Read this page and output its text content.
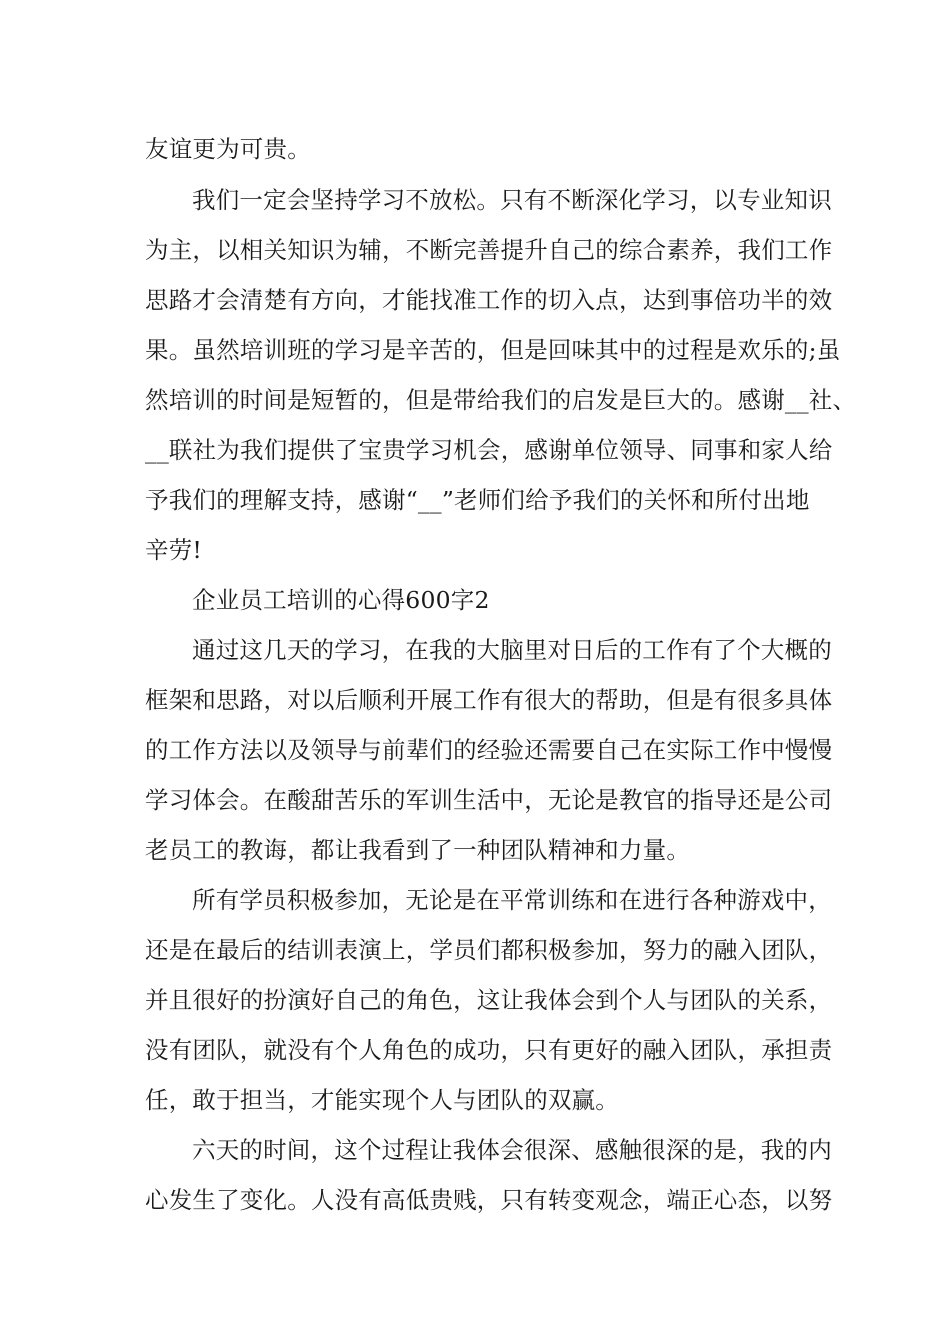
友谊更为可贵。

我们一定会坚持学习不放松。只有不断深化学习，以专业知识

为主，以相关知识为辅，不断完善提升自己的综合素养，我们工作

思路才会清楚有方向，才能找准工作的切入点，达到事倍功半的效

果。虽然培训班的学习是辛苦的，但是回味其中的过程是欢乐的;虽

然培训的时间是短暂的，但是带给我们的启发是巨大的。感谢__社、

__联社为我们提供了宝贵学习机会，感谢单位领导、同事和家人给

予我们的理解支持，感谢“__”老师们给予我们的关怀和所付出地

辛劳!

企业员工培训的心得600字2

通过这几天的学习，在我的大脑里对日后的工作有了个大概的

框架和思路，对以后顺利开展工作有很大的帮助，但是有很多具体

的工作方法以及领导与前辈们的经验还需要自己在实际工作中慢慢

学习体会。在酸甜苦乐的军训生活中，无论是教官的指导还是公司

老员工的教诲，都让我看到了一种团队精神和力量。

所有学员积极参加，无论是在平常训练和在进行各种游戏中，

还是在最后的结训表演上，学员们都积极参加，努力的融入团队，

并且很好的扮演好自己的角色，这让我体会到个人与团队的关系，

没有团队，就没有个人角色的成功，只有更好的融入团队，承担责

任，敢于担当，才能实现个人与团队的双赢。

六天的时间，这个过程让我体会很深、感触很深的是，我的内

心发生了变化。人没有高低贵贱，只有转变观念，端正心态，以努
